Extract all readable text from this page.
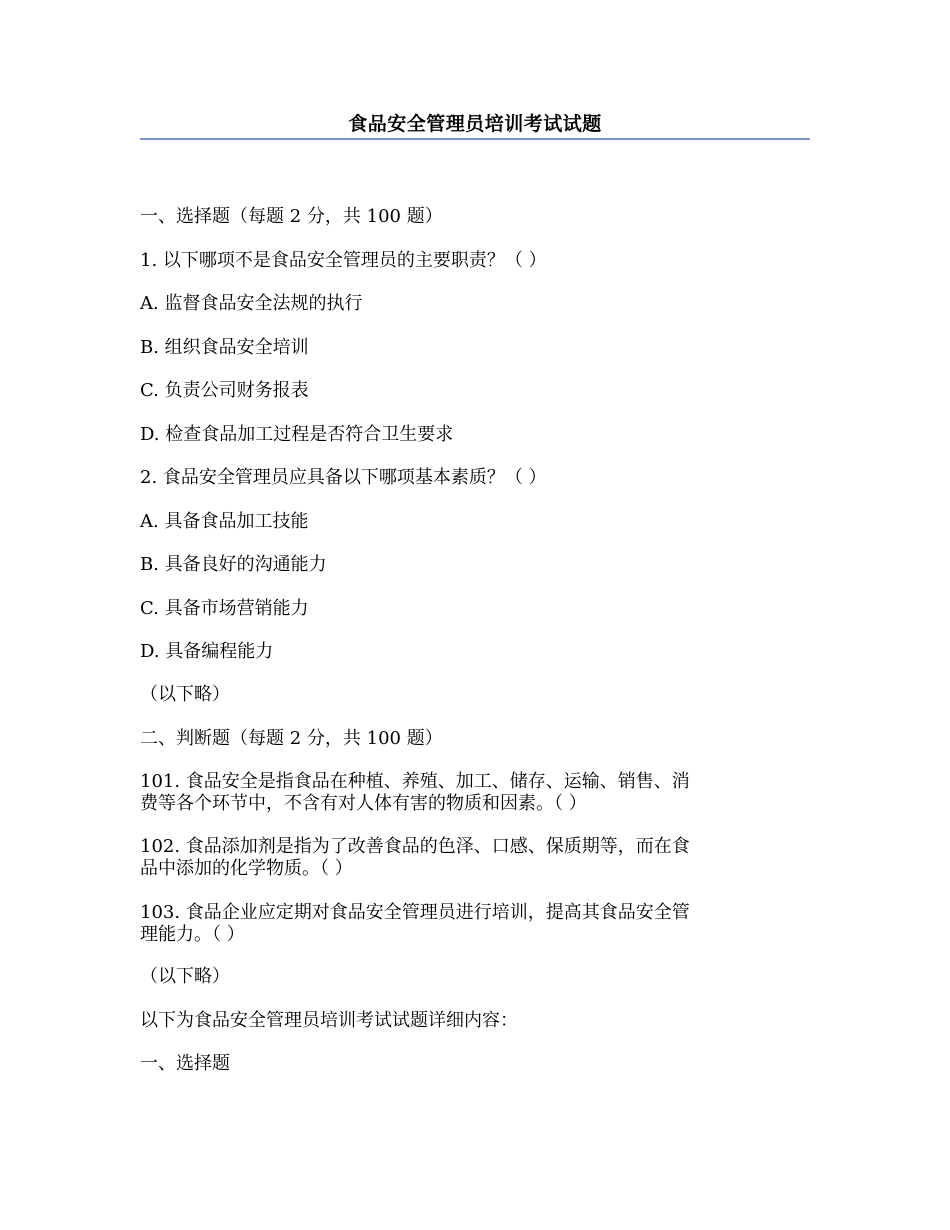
食品安全管理员培训考试试题
一、选择题（每题 2 分，共 100 题）
1. 以下哪项不是食品安全管理员的主要职责？（ ）
A. 监督食品安全法规的执行
B. 组织食品安全培训
C. 负责公司财务报表
D. 检查食品加工过程是否符合卫生要求
2. 食品安全管理员应具备以下哪项基本素质？（ ）
A. 具备食品加工技能
B. 具备良好的沟通能力
C. 具备市场营销能力
D. 具备编程能力
（以下略）
二、判断题（每题 2 分，共 100 题）
101. 食品安全是指食品在种植、养殖、加工、储存、运输、销售、消
费等各个环节中，不含有对人体有害的物质和因素。（ ）
102. 食品添加剂是指为了改善食品的色泽、口感、保质期等，而在食
品中添加的化学物质。（ ）
103. 食品企业应定期对食品安全管理员进行培训，提高其食品安全管
理能力。（ ）
（以下略）
以下为食品安全管理员培训考试试题详细内容：
一、选择题
